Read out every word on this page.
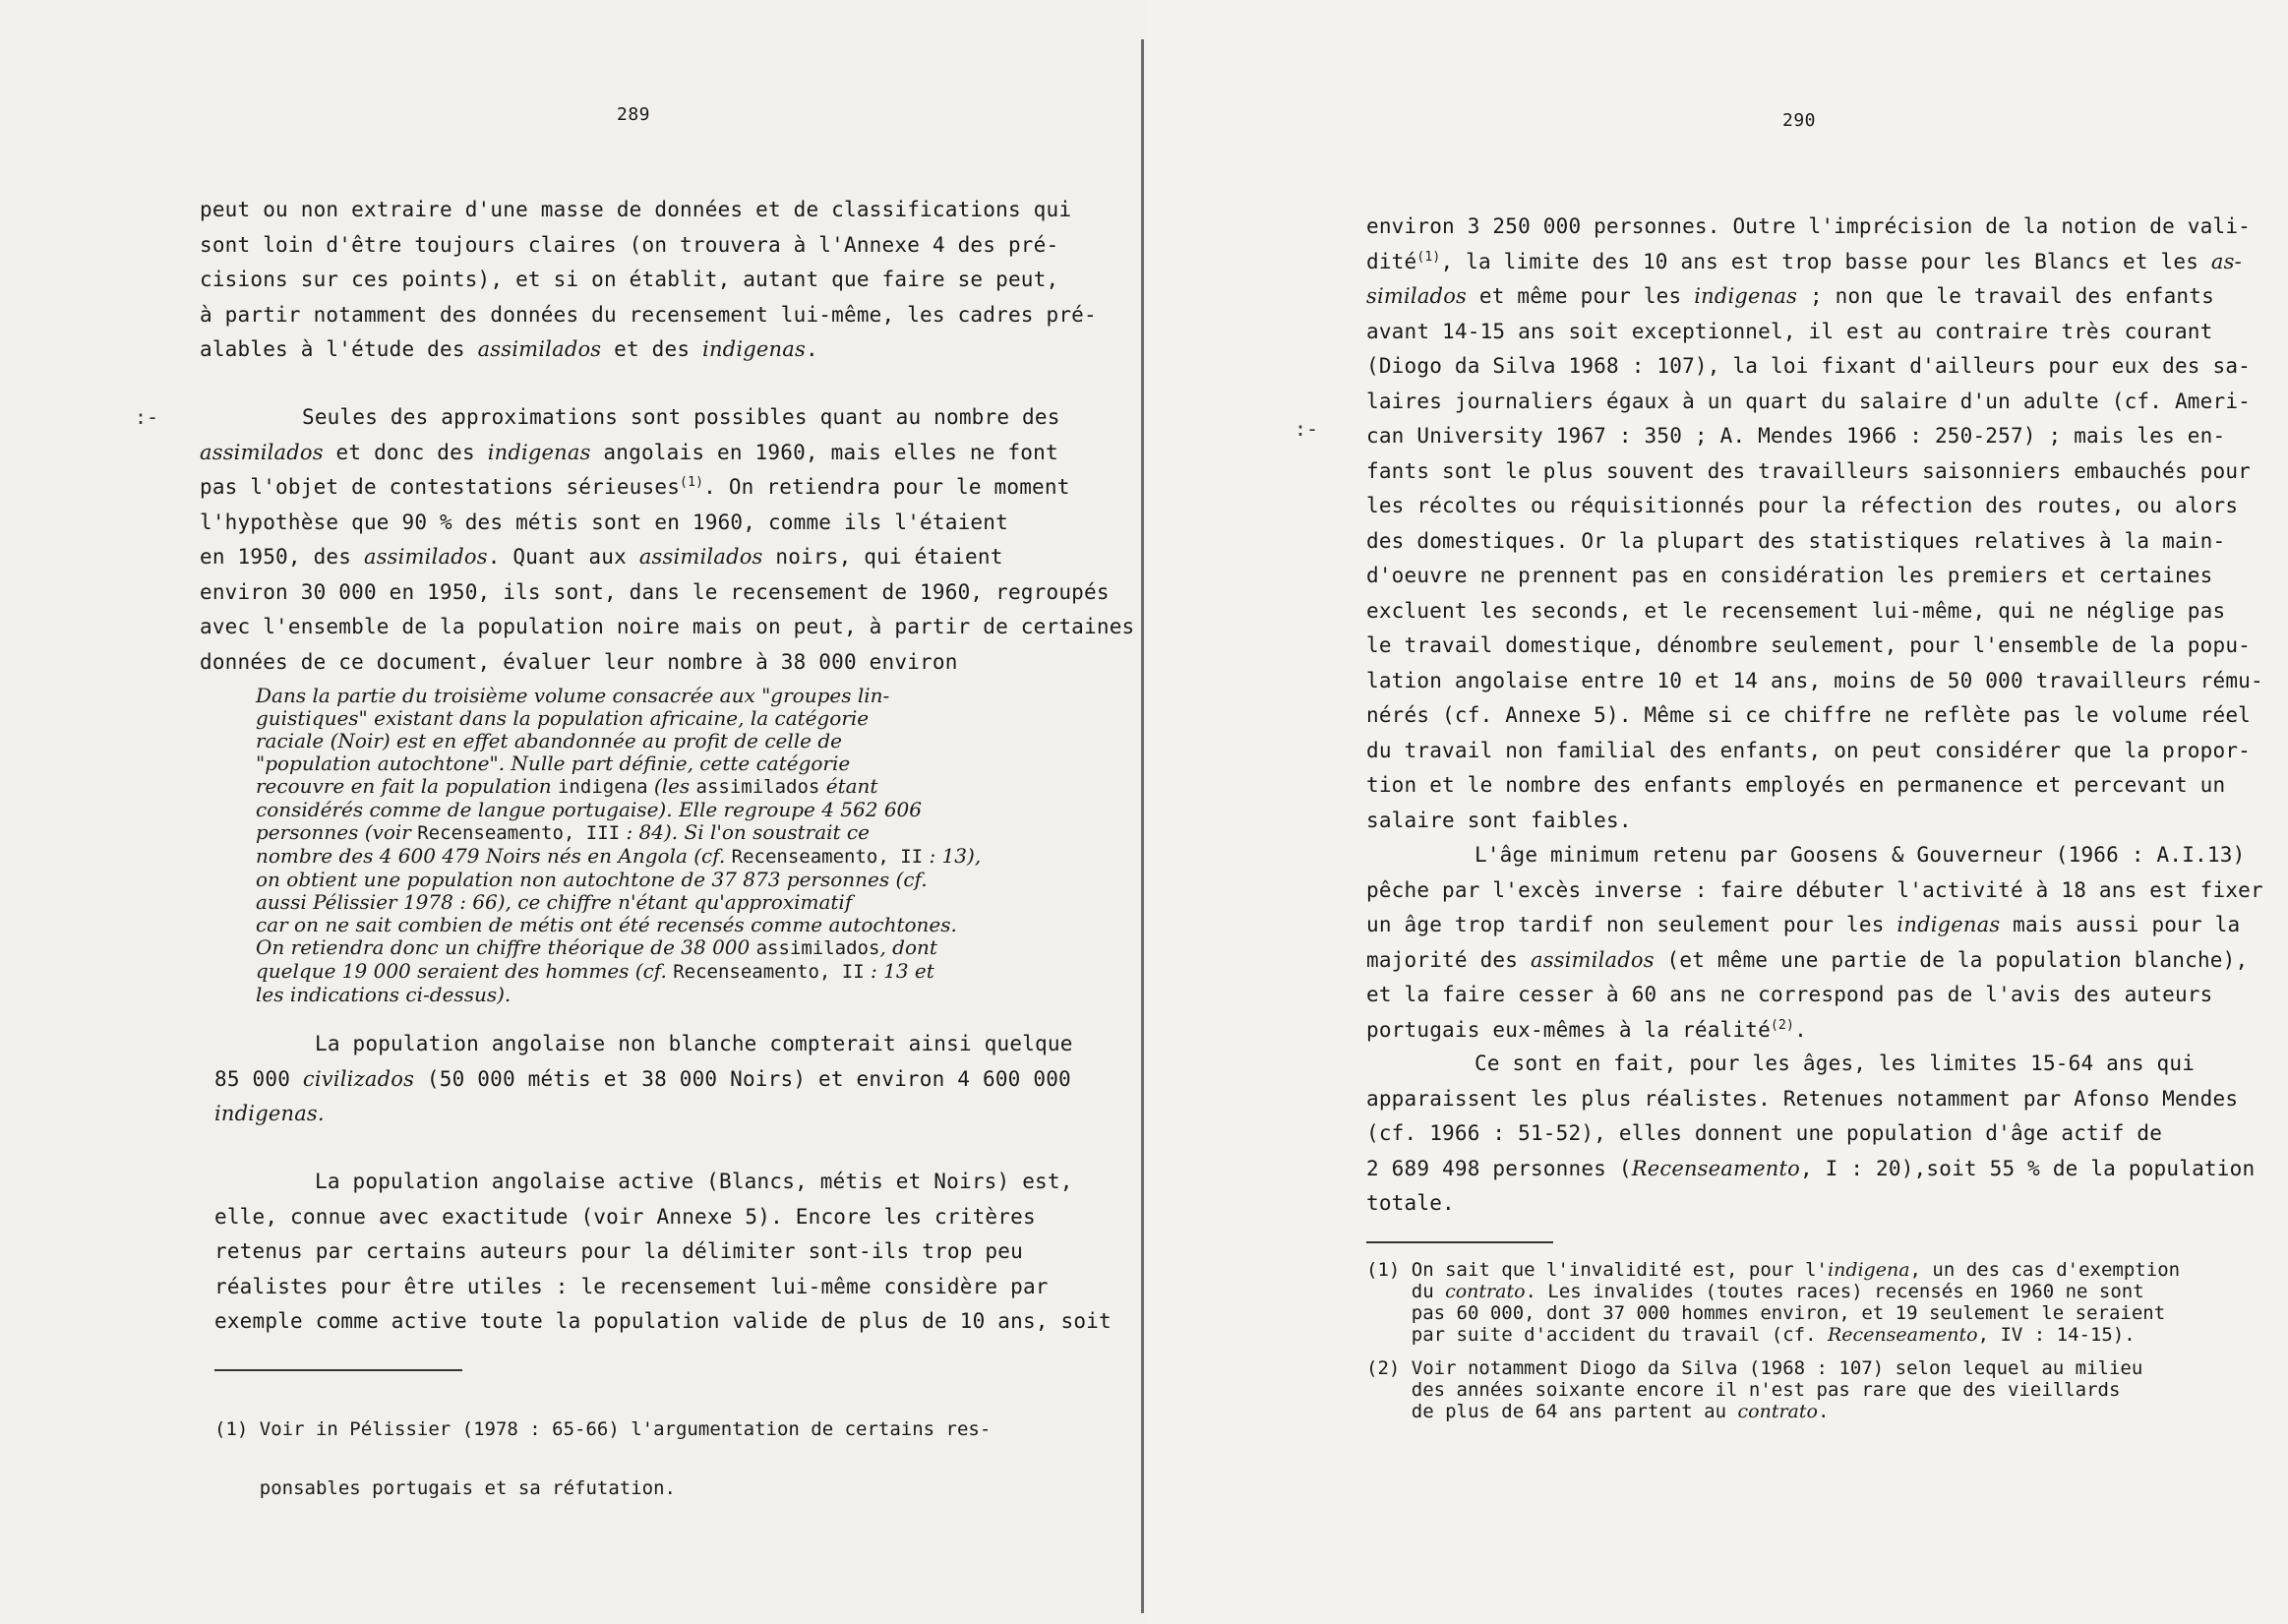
289

peut ou non extraire d'une masse de données et de classifications qui

sont loin d'être toujours claires (on trouvera à l'Annexe 4 des pré-

cisions sur ces points), et si on établit, autant que faire se peut,

à partir notamment des données du recensement lui-même, les cadres pré-

alables à l'étude des assimilados et des indigenas.

Seules des approximations sont possibles quant au nombre des

assimilados et donc des indigenas angolais en 1960, mais elles ne font

pas l'objet de contestations sérieuses$^{(1)}$. On retiendra pour le moment

l'hypothèse que 90 % des métis sont en 1960, comme ils l'étaient

en 1950, des assimilados. Quant aux assimilados noirs, qui étaient

environ 30 000 en 1950, ils sont, dans le recensement de 1960, regroupés

avec l'ensemble de la population noire mais on peut, à partir de certaines

données de ce document, évaluer leur nombre à 38 000 environ

Dans la partie du troisième volume consacrée aux "groupes lin-

guistiques" existant dans la population africaine, la catégorie

raciale (Noir) est en effet abandonnée au profit de celle de

"population autochtone". Nulle part définie, cette catégorie

recouvre en fait la population indigena (les assimilados étant

considérés comme de langue portugaise). Elle regroupe 4 562 606

personnes (voir Recenseamento, III : 84). Si l'on soustrait ce

nombre des 4 600 479 Noirs nés en Angola (cf. Recenseamento, II : 13),

on obtient une population non autochtone de 37 873 personnes (cf.

aussi Pélissier 1978 : 66), ce chiffre n'étant qu'approximatif

car on ne sait combien de métis ont été recensés comme autochtones.

On retiendra donc un chiffre théorique de 38 000 assimilados, dont

quelque 19 000 seraient des hommes (cf. Recenseamento, II : 13 et

les indications ci-dessus).

La population angolaise non blanche compterait ainsi quelque

85 000 civilizados (50 000 métis et 38 000 Noirs) et environ 4 600 000

indigenas.

La population angolaise active (Blancs, métis et Noirs) est,

elle, connue avec exactitude (voir Annexe 5). Encore les critères

retenus par certains auteurs pour la délimiter sont-ils trop peu

réalistes pour être utiles : le recensement lui-même considère par

exemple comme active toute la population valide de plus de 10 ans, soit

(1) Voir in Pélissier (1978 : 65-66) l'argumentation de certains res-

ponsables portugais et sa réfutation.

:-
290

environ 3 250 000 personnes. Outre l'imprécision de la notion de vali-

dité$^{(1)}$, la limite des 10 ans est trop basse pour les Blancs et les as-

similados et même pour les indigenas ; non que le travail des enfants

avant 14-15 ans soit exceptionnel, il est au contraire très courant

(Diogo da Silva 1968 : 107), la loi fixant d'ailleurs pour eux des sa-

laires journaliers égaux à un quart du salaire d'un adulte (cf. Ameri-

can University 1967 : 350 ; A. Mendes 1966 : 250-257) ; mais les en-

fants sont le plus souvent des travailleurs saisonniers embauchés pour

les récoltes ou réquisitionnés pour la réfection des routes, ou alors

des domestiques. Or la plupart des statistiques relatives à la main-

d'oeuvre ne prennent pas en considération les premiers et certaines

excluent les seconds, et le recensement lui-même, qui ne néglige pas

le travail domestique, dénombre seulement, pour l'ensemble de la popu-

lation angolaise entre 10 et 14 ans, moins de 50 000 travailleurs rému-

nérés (cf. Annexe 5). Même si ce chiffre ne reflète pas le volume réel

du travail non familial des enfants, on peut considérer que la propor-

tion et le nombre des enfants employés en permanence et percevant un

salaire sont faibles.

L'âge minimum retenu par Goosens & Gouverneur (1966 : A.I.13)

pêche par l'excès inverse : faire débuter l'activité à 18 ans est fixer

un âge trop tardif non seulement pour les indigenas mais aussi pour la

majorité des assimilados (et même une partie de la population blanche),

et la faire cesser à 60 ans ne correspond pas de l'avis des auteurs

portugais eux-mêmes à la réalité$^{(2)}$.

Ce sont en fait, pour les âges, les limites 15-64 ans qui

apparaissent les plus réalistes. Retenues notamment par Afonso Mendes

(cf. 1966 : 51-52), elles donnent une population d'âge actif de

2 689 498 personnes (Recenseamento, I : 20),soit 55 % de la population

totale.

(1) On sait que l'invalidité est, pour l'indigena, un des cas d'exemption

du contrato. Les invalides (toutes races) recensés en 1960 ne sont

pas 60 000, dont 37 000 hommes environ, et 19 seulement le seraient

par suite d'accident du travail (cf. Recenseamento, IV : 14-15).

(2) Voir notamment Diogo da Silva (1968 : 107) selon lequel au milieu

des années soixante encore il n'est pas rare que des vieillards

de plus de 64 ans partent au contrato.

:-
